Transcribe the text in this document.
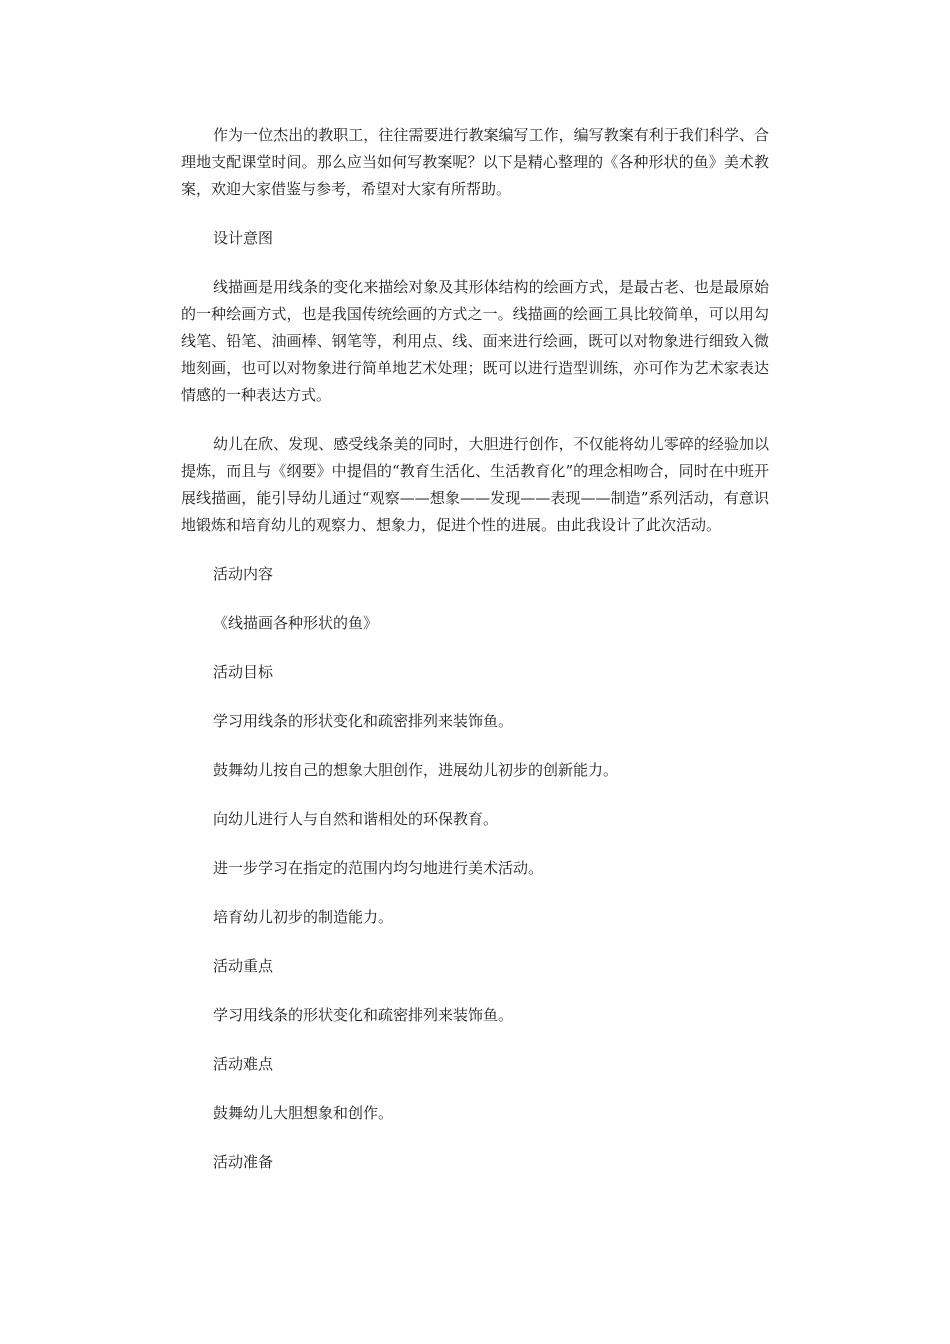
作为一位杰出的教职工，往往需要进行教案编写工作，编写教案有利于我们科学、合理地支配课堂时间。那么应当如何写教案呢？以下是精心整理的《各种形状的鱼》美术教案，欢迎大家借鉴与参考，希望对大家有所帮助。

设计意图

线描画是用线条的变化来描绘对象及其形体结构的绘画方式，是最古老、也是最原始的一种绘画方式，也是我国传统绘画的方式之一。线描画的绘画工具比较简单，可以用勾线笔、铅笔、油画棒、钢笔等，利用点、线、面来进行绘画，既可以对物象进行细致入微地刻画，也可以对物象进行简单地艺术处理；既可以进行造型训练，亦可作为艺术家表达情感的一种表达方式。

幼儿在欣、发现、感受线条美的同时，大胆进行创作，不仅能将幼儿零碎的经验加以提炼，而且与《纲要》中提倡的“教育生活化、生活教育化”的理念相吻合，同时在中班开展线描画，能引导幼儿通过“观察——想象——发现——表现——制造”系列活动，有意识地锻炼和培育幼儿的观察力、想象力，促进个性的进展。由此我设计了此次活动。

活动内容

《线描画各种形状的鱼》

活动目标

学习用线条的形状变化和疏密排列来装饰鱼。

鼓舞幼儿按自己的想象大胆创作，进展幼儿初步的创新能力。

向幼儿进行人与自然和谐相处的环保教育。

进一步学习在指定的范围内均匀地进行美术活动。

培育幼儿初步的制造能力。

活动重点

学习用线条的形状变化和疏密排列来装饰鱼。

活动难点

鼓舞幼儿大胆想象和创作。

活动准备
